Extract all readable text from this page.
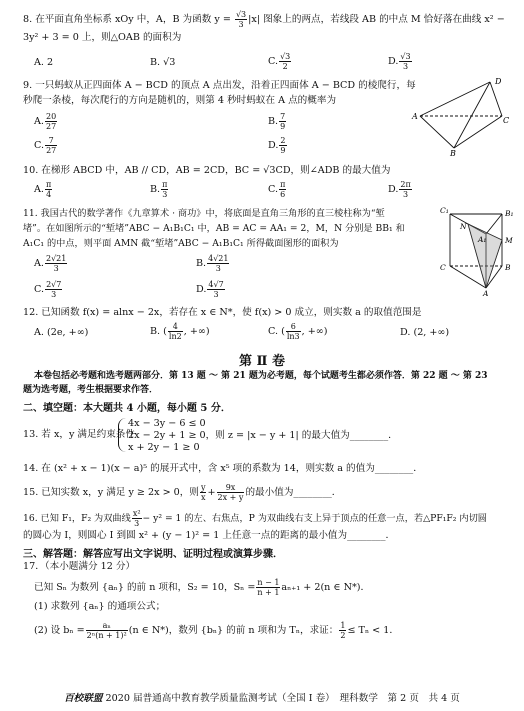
8. 在平面直角坐标系 xOy 中，A，B 为函数 $y = \frac{√3}{3} |x|$ 图象上的两点，若线段 AB 的中点 M 恰好落在曲线 x² −
3y² + 3 = 0 上，则△OAB 的面积为
A. 2	B. √3	C. $\frac{√3}{2}$	D. $\frac{√3}{3}$
9. 一只蚂蚁从正四面体 A − BCD 的顶点 A 点出发，沿着正四面体 A − BCD 的棱爬行，每
秒爬一条棱，每次爬行的方向是随机的，则第 4 秒时蚂蚁在 A 点的概率为
A. $\frac{20}{27}$	B. $\frac{7}{9}$
C. $\frac{7}{27}$	D. $\frac{2}{9}$
D
A
B
C
10. 在梯形 ABCD 中，AB // CD，AB = 2CD，BC = √3CD，则∠ADB 的最大值为
A. $\frac{\pi}{4}$	B. $\frac{\pi}{3}$	C. $\frac{\pi}{6}$	D. $\frac{2\pi}{3}$
11. 我国古代的数学著作《九章算术 · 商功》中，将底面是直角三角形的直三棱柱称为“堑
堵”。在如图所示的“堑堵”ABC − A₁B₁C₁ 中，AB = AC = AA₁ = 2，M，N 分别是 BB₁ 和
A₁C₁ 的中点，则平面 AMN 截“堑堵”ABC − A₁B₁C₁ 所得截面图形的面积为
A. $\frac{2√21}{3}$	B. $\frac{4√21}{3}$
C. $\frac{2√7}{3}$	D. $\frac{4√7}{3}$
C₁	B₁
A₁
N
M
C	B
A
12. 已知函数 f(x) = alnx − 2x，若存在 x ∈ N*，使 f(x) > 0 成立，则实数 a 的取值范围是
A. (2e, +∞)	B. ( $\frac{4}{\ln 2}$ , +∞)	C. ( $\frac{6}{\ln 3}$ , +∞)	D. (2, +∞)
第 Ⅱ 卷
本卷包括必考题和选考题两部分．第 13 题 ～ 第 21 题为必考题，每个试题考生都必须作答．第 22 题 ～ 第 23
题为选考题，考生根据要求作答．
二、填空题：本大题共 4 小题，每小题 5 分．
13. 若 x，y 满足约束条件
4x − 3y − 6 ≤ 0
2x − 2y + 1 ≥ 0，则 z = |x − y + 1| 的最大值为________．
x + 2y − 1 ≥ 0
14. 在 (x² + x − 1)(x − a)⁵ 的展开式中，含 x⁵ 项的系数为 14，则实数 a 的值为________．
15. 已知实数 x，y 满足 y ≥ 2x > 0，则 $\frac{y}{x} + \frac{9x}{2x + y}$ 的最小值为________．
16. 已知 F₁，F₂ 为双曲线 $\frac{\text{x²}}{3} - y^2 = 1$ 的左、右焦点，P 为双曲线右支上异于顶点的任意一点，若△PF₁F₂ 内切圆
的圆心为 I，则圆心 I 到圆 x² + (y − 1)² = 1 上任意一点的距离的最小值为________．
三、解答题：解答应写出文字说明、证明过程或演算步骤．
17．（本小题满分 12 分）
已知 Sₙ 为数列 {aₙ} 的前 n 项和，S₂ = 10，$S_n = \frac{n - 1}{n + 1} a_{n+1} + 2(n$ ∈ N*)．
(1) 求数列 {aₙ} 的通项公式；
(2) 设 $b_n = \frac{\text{aₙ}}{\text{2ⁿ(n + 1)²}} (n$ ∈ N*)，数列 {bₙ} 的前 n 项和为 Tₙ，求证： $\frac{1}{2} \le T_n < 1$．
百校联盟 2020 届普通高中教育教学质量监测考试（全国 Ⅰ 卷）　理科数学　第 2 页　共 4 页
